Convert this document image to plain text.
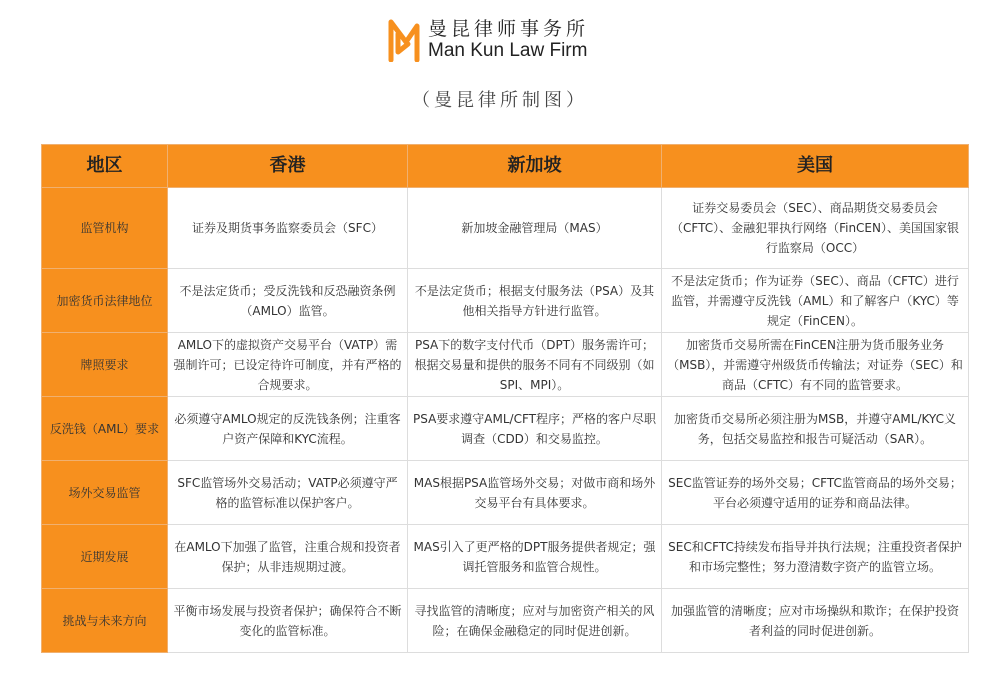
曼昆律师事务所
Man Kun Law Firm
（曼昆律所制图）
地区	香港	新加坡	美国
监管机构	证券及期货事务监察委员会（SFC）	新加坡金融管理局（MAS）	证券交易委员会（SEC）、商品期货交易委员会（CFTC）、金融犯罪执行网络（FinCEN）、美国国家银行监察局（OCC）
加密货币法律地位	不是法定货币；受反洗钱和反恐融资条例（AMLO）监管。	不是法定货币；根据支付服务法（PSA）及其他相关指导方针进行监管。	不是法定货币；作为证券（SEC）、商品（CFTC）进行监管，并需遵守反洗钱（AML）和了解客户（KYC）等规定（FinCEN）。
牌照要求	AMLO下的虚拟资产交易平台（VATP）需强制许可；已设定待许可制度，并有严格的合规要求。	PSA下的数字支付代币（DPT）服务需许可；根据交易量和提供的服务不同有不同级别（如SPI、MPI）。	加密货币交易所需在FinCEN注册为货币服务业务（MSB），并需遵守州级货币传输法；对证券（SEC）和商品（CFTC）有不同的监管要求。
反洗钱（AML）要求	必须遵守AMLO规定的反洗钱条例；注重客户资产保障和KYC流程。	PSA要求遵守AML/CFT程序；严格的客户尽职调查（CDD）和交易监控。	加密货币交易所必须注册为MSB，并遵守AML/KYC义务，包括交易监控和报告可疑活动（SAR）。
场外交易监管	SFC监管场外交易活动；VATP必须遵守严格的监管标准以保护客户。	MAS根据PSA监管场外交易；对做市商和场外交易平台有具体要求。	SEC监管证券的场外交易；CFTC监管商品的场外交易；平台必须遵守适用的证券和商品法律。
近期发展	在AMLO下加强了监管，注重合规和投资者保护；从非违规期过渡。	MAS引入了更严格的DPT服务提供者规定；强调托管服务和监管合规性。	SEC和CFTC持续发布指导并执行法规；注重投资者保护和市场完整性；努力澄清数字资产的监管立场。
挑战与未来方向	平衡市场发展与投资者保护；确保符合不断变化的监管标准。	寻找监管的清晰度；应对与加密资产相关的风险；在确保金融稳定的同时促进创新。	加强监管的清晰度；应对市场操纵和欺诈；在保护投资者利益的同时促进创新。
